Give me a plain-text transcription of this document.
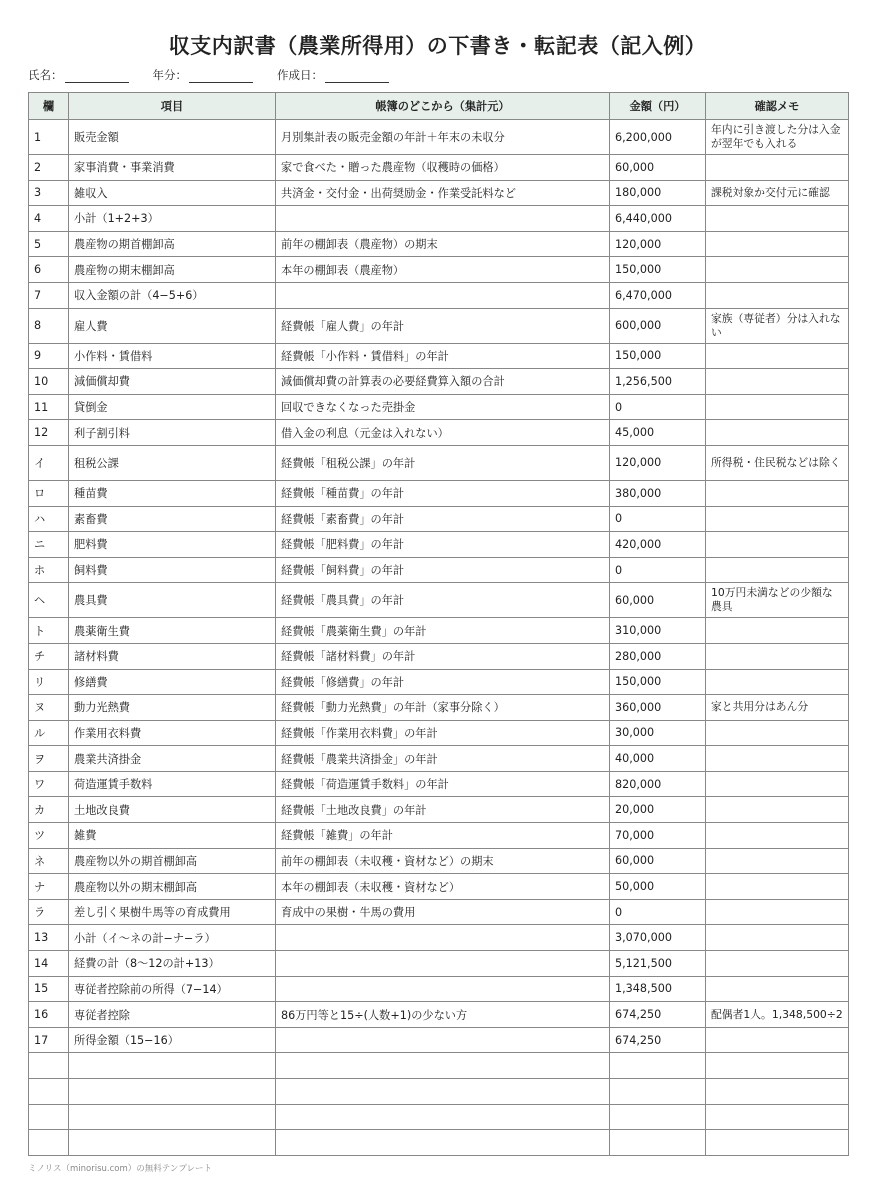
収支内訳書（農業所得用）の下書き・転記表（記入例）
氏名：	年分：	作成日：
欄	項目	帳簿のどこから（集計元）	金額（円）	確認メモ
1	販売金額	月別集計表の販売金額の年計＋年末の未収分	6,200,000	年内に引き渡した分は入金が翌年でも入れる
2	家事消費・事業消費	家で食べた・贈った農産物（収穫時の価格）	60,000	
3	雑収入	共済金・交付金・出荷奨励金・作業受託料など	180,000	課税対象か交付元に確認
4	小計（1+2+3）		6,440,000	
5	農産物の期首棚卸高	前年の棚卸表（農産物）の期末	120,000	
6	農産物の期末棚卸高	本年の棚卸表（農産物）	150,000	
7	収入金額の計（4−5+6）		6,470,000	
8	雇人費	経費帳「雇人費」の年計	600,000	家族（専従者）分は入れない
9	小作料・賃借料	経費帳「小作料・賃借料」の年計	150,000	
10	減価償却費	減価償却費の計算表の必要経費算入額の合計	1,256,500	
11	貸倒金	回収できなくなった売掛金	0	
12	利子割引料	借入金の利息（元金は入れない）	45,000	
イ	租税公課	経費帳「租税公課」の年計	120,000	所得税・住民税などは除く
ロ	種苗費	経費帳「種苗費」の年計	380,000	
ハ	素畜費	経費帳「素畜費」の年計	0	
ニ	肥料費	経費帳「肥料費」の年計	420,000	
ホ	飼料費	経費帳「飼料費」の年計	0	
ヘ	農具費	経費帳「農具費」の年計	60,000	10万円未満などの少額な農具
ト	農薬衛生費	経費帳「農薬衛生費」の年計	310,000	
チ	諸材料費	経費帳「諸材料費」の年計	280,000	
リ	修繕費	経費帳「修繕費」の年計	150,000	
ヌ	動力光熱費	経費帳「動力光熱費」の年計（家事分除く）	360,000	家と共用分はあん分
ル	作業用衣料費	経費帳「作業用衣料費」の年計	30,000	
ヲ	農業共済掛金	経費帳「農業共済掛金」の年計	40,000	
ワ	荷造運賃手数料	経費帳「荷造運賃手数料」の年計	820,000	
カ	土地改良費	経費帳「土地改良費」の年計	20,000	
ツ	雑費	経費帳「雑費」の年計	70,000	
ネ	農産物以外の期首棚卸高	前年の棚卸表（未収穫・資材など）の期末	60,000	
ナ	農産物以外の期末棚卸高	本年の棚卸表（未収穫・資材など）	50,000	
ラ	差し引く果樹牛馬等の育成費用	育成中の果樹・牛馬の費用	0	
13	小計（イ〜ネの計−ナ−ラ）		3,070,000	
14	経費の計（8〜12の計+13）		5,121,500	
15	専従者控除前の所得（7−14）		1,348,500	
16	専従者控除	86万円等と15÷(人数+1)の少ない方	674,250	配偶者1人。1,348,500÷2
17	所得金額（15−16）		674,250	

ミノリス（minorisu.com）の無料テンプレート
